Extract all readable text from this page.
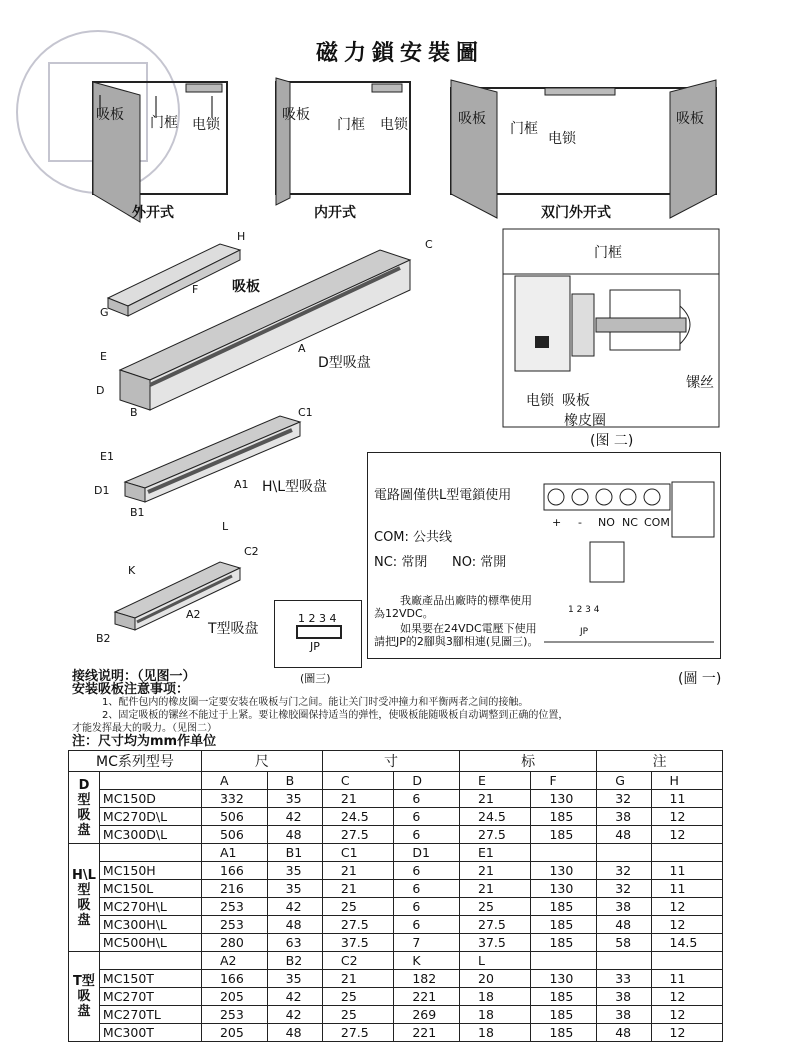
磁力鎖安裝圖
吸板 门框 电锁
外开式
吸板
门框 电锁
内开式
吸板
门框
电锁
吸板
双门外开式
吸板
D型吸盘
H\L型吸盘
T型吸盘
H
C
G
F
E
A
D
B	C1
E1
D1	A1
B1
L
C2
K
A2
B2
门框
电锁 吸板
橡皮圈
镙丝
(图 二)
1 2 3 4
JP
(圖三)
電路圖僅供L型電鎖使用
COM: 公共线
NC: 常閉 NO: 常開
我廠產品出廠時的標準使用
為12VDC。
如果要在24VDC電壓下使用
請把JP的2腳與3腳相連(見圖三)。
+ - NO NC COM
1 2 3 4
JP
(圖 一)
接线说明：（见图一）
安装吸板注意事项：
1、配件包内的橡皮圈一定要安装在吸板与门之间。能让关门时受冲撞力和平衡两者之间的接触。
2、固定吸板的镙丝不能过于上紧。要让橡胶圈保持适当的弹性，使吸板能随吸板自动调整到正确的位置，
才能发挥最大的吸力。（见图二）
注：尺寸均为mm作单位
MC系列型号		尺		寸		标		注	
D
型
吸
盘		A	B	C	D	E	F	G	H
	MC150D	332	35	21	6	21	130	32	11
	MC270D\L	506	42	24.5	6	24.5	185	38	12
	MC300D\L	506	48	27.5	6	27.5	185	48	12
H\L
型
吸
盘		A1	B1	C1	D1	E1			
	MC150H	166	35	21	6	21	130	32	11
	MC150L	216	35	21	6	21	130	32	11
	MC270H\L	253	42	25	6	25	185	38	12
	MC300H\L	253	48	27.5	6	27.5	185	48	12
	MC500H\L	280	63	37.5	7	37.5	185	58	14.5
T型
吸盘		A2	B2	C2	K	L			
	MC150T	166	35	21	182	20	130	33	11
	MC270T	205	42	25	221	18	185	38	12
	MC270TL	253	42	25	269	18	185	38	12
	MC300T	205	48	27.5	221	18	185	48	12
